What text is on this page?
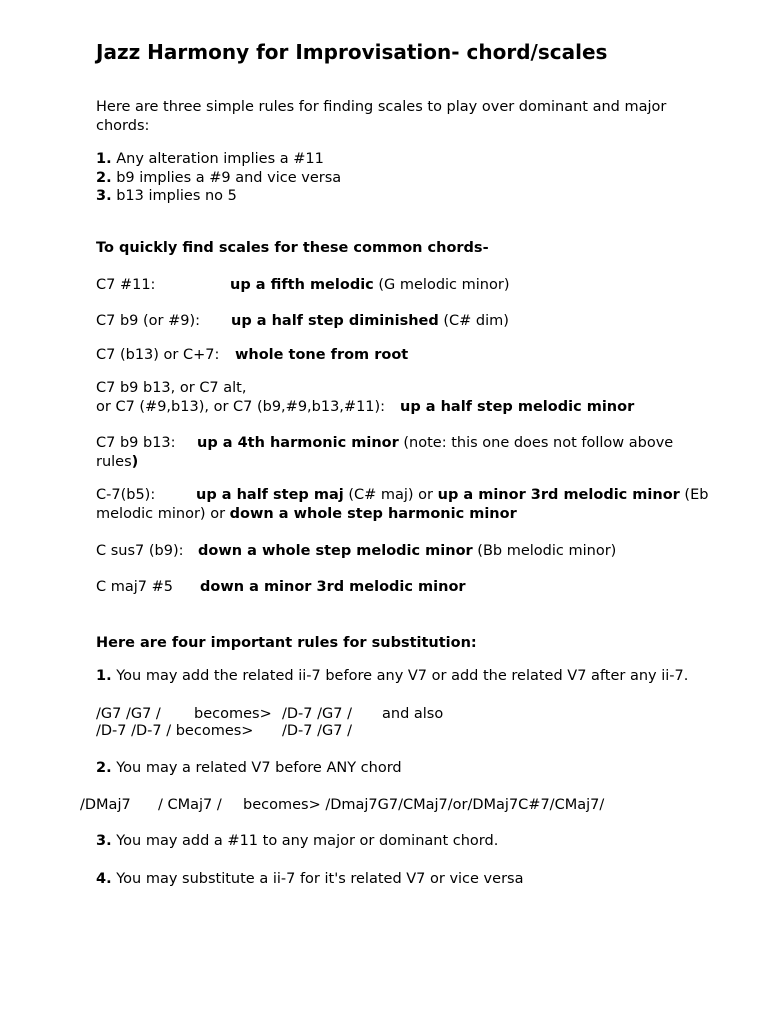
Jazz Harmony for Improvisation- chord/scales
Here are three simple rules for finding scales to play over dominant and major
chords:
1. Any alteration implies a #11
2. b9 implies a #9 and vice versa
3. b13 implies no 5
To quickly find scales for these common chords-
C7 #11:	up a fifth melodic (G melodic minor)
C7 b9 (or #9): up a half step diminished (C# dim)
C7 (b13) or C+7: whole tone from root
C7 b9 b13, or C7 alt,
or C7 (#9,b13), or C7 (b9,#9,b13,#11): up a half step melodic minor
C7 b9 b13: up a 4th harmonic minor (note: this one does not follow above
rules)
C-7(b5):	up a half step maj (C# maj) or up a minor 3rd melodic minor (Eb
melodic minor) or down a whole step harmonic minor
C sus7 (b9): down a whole step melodic minor (Bb melodic minor)
C maj7 #5 down a minor 3rd melodic minor
Here are four important rules for substitution:
1. You may add the related ii-7 before any V7 or add the related V7 after any ii-7.
/G7 /G7 / becomes> /D-7 /G7 / and also
/D-7 /D-7 / becomes> /D-7 /G7 /
2. You may a related V7 before ANY chord
/DMaj7 / CMaj7 / becomes> /Dmaj7G7/CMaj7/or/DMaj7C#7/CMaj7/
3. You may add a #11 to any major or dominant chord.
4. You may substitute a ii-7 for it's related V7 or vice versa
